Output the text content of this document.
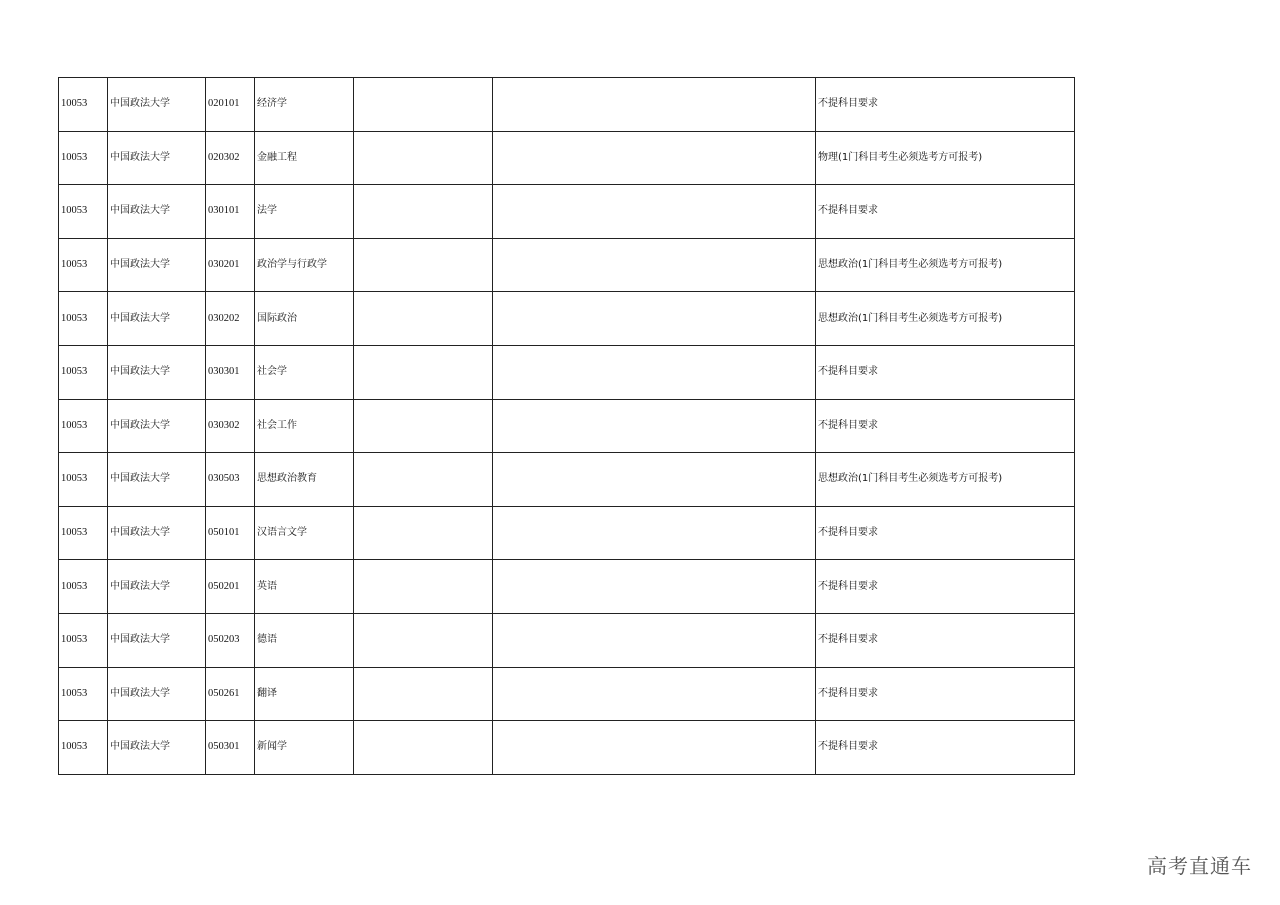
10053	中国政法大学	020101	经济学			不提科目要求
10053	中国政法大学	020302	金融工程			物理(1门科目考生必须选考方可报考)
10053	中国政法大学	030101	法学			不提科目要求
10053	中国政法大学	030201	政治学与行政学			思想政治(1门科目考生必须选考方可报考)
10053	中国政法大学	030202	国际政治			思想政治(1门科目考生必须选考方可报考)
10053	中国政法大学	030301	社会学			不提科目要求
10053	中国政法大学	030302	社会工作			不提科目要求
10053	中国政法大学	030503	思想政治教育			思想政治(1门科目考生必须选考方可报考)
10053	中国政法大学	050101	汉语言文学			不提科目要求
10053	中国政法大学	050201	英语			不提科目要求
10053	中国政法大学	050203	德语			不提科目要求
10053	中国政法大学	050261	翻译			不提科目要求
10053	中国政法大学	050301	新闻学			不提科目要求
高考直通车
